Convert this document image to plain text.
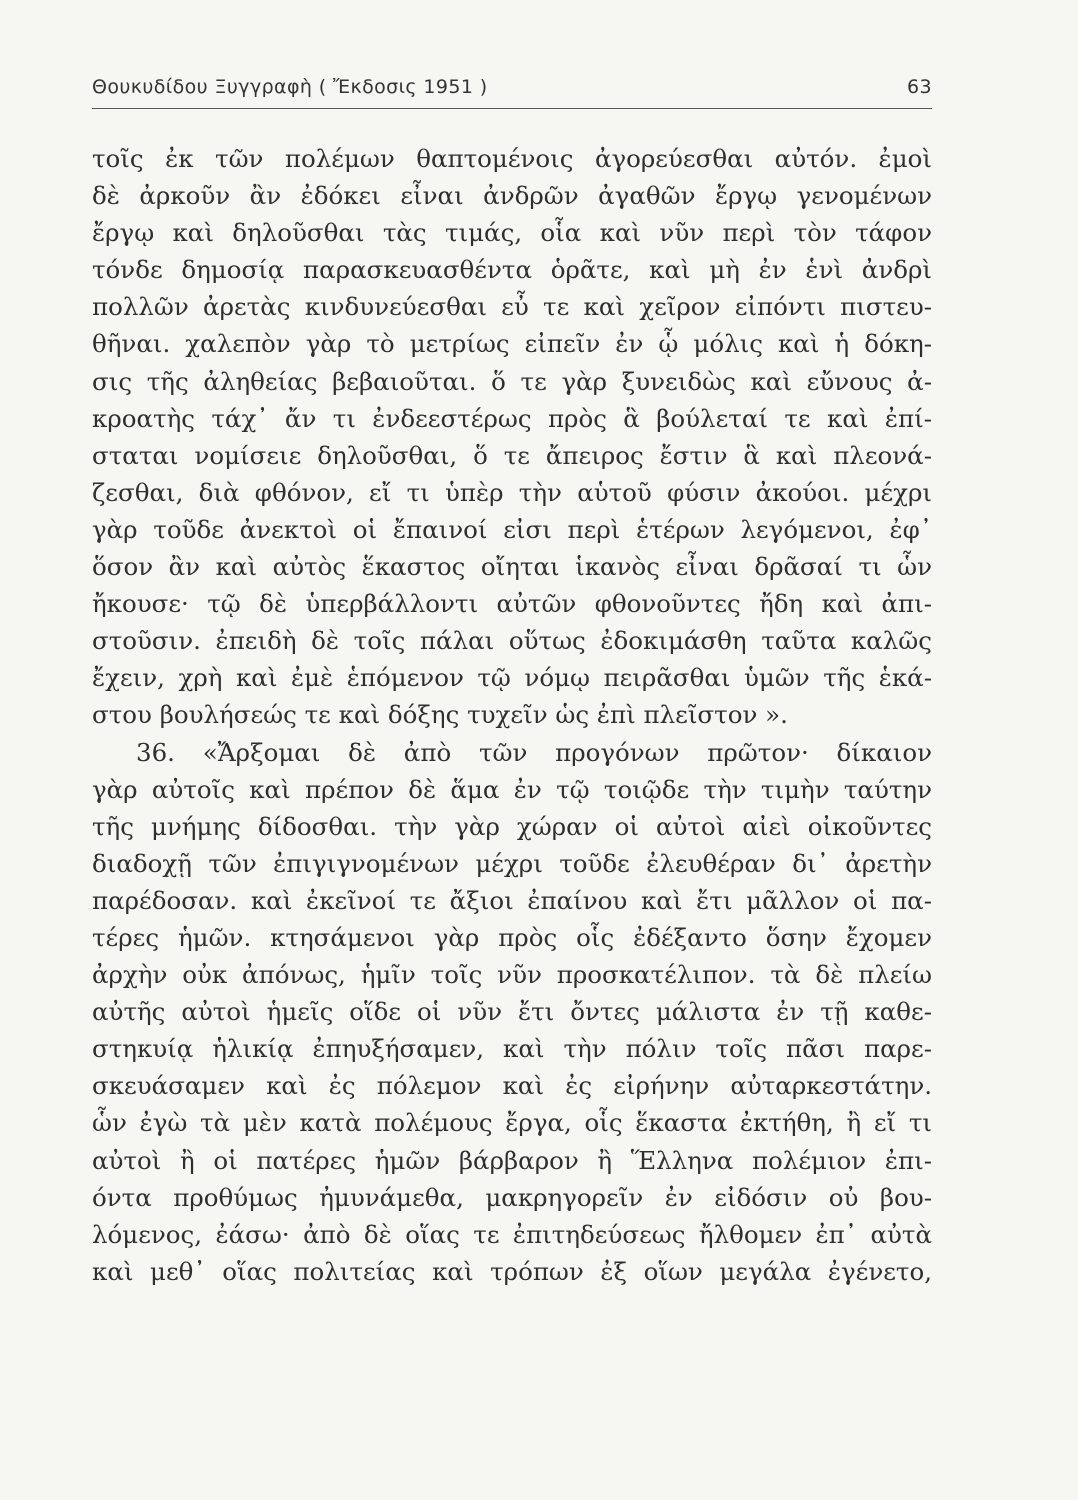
Θουκυδίδου Ξυγγραφὴ ( Ἔκδοσις 1951 )	63
τοῖς ἐκ τῶν πολέμων θαπτομένοις ἀγορεύεσθαι αὐτόν. ἐμοὶ
δὲ ἀρκοῦν ἂν ἐδόκει εἶναι ἀνδρῶν ἀγαθῶν ἔργῳ γενομένων
ἔργῳ καὶ δηλοῦσθαι τὰς τιμάς, οἷα καὶ νῦν περὶ τὸν τάφον
τόνδε δημοσίᾳ παρασκευασθέντα ὁρᾶτε, καὶ μὴ ἐν ἑνὶ ἀνδρὶ
πολλῶν ἀρετὰς κινδυνεύεσθαι εὖ τε καὶ χεῖρον εἰπόντι πιστευ-
θῆναι. χαλεπὸν γὰρ τὸ μετρίως εἰπεῖν ἐν ᾧ μόλις καὶ ἡ δόκη-
σις τῆς ἀληθείας βεβαιοῦται. ὅ τε γὰρ ξυνειδὼς καὶ εὔνους ἀ-
κροατὴς τάχ᾽ ἄν τι ἐνδεεστέρως πρὸς ἃ βούλεταί τε καὶ ἐπί-
σταται νομίσειε δηλοῦσθαι, ὅ τε ἄπειρος ἔστιν ἃ καὶ πλεονά-
ζεσθαι, διὰ φθόνον, εἴ τι ὑπὲρ τὴν αὑτοῦ φύσιν ἀκούοι. μέχρι
γὰρ τοῦδε ἀνεκτοὶ οἱ ἔπαινοί εἰσι περὶ ἑτέρων λεγόμενοι, ἐφ᾽
ὅσον ἂν καὶ αὐτὸς ἕκαστος οἴηται ἱκανὸς εἶναι δρᾶσαί τι ὧν
ἤκουσε· τῷ δὲ ὑπερβάλλοντι αὐτῶν φθονοῦντες ἤδη καὶ ἀπι-
στοῦσιν. ἐπειδὴ δὲ τοῖς πάλαι οὕτως ἐδοκιμάσθη ταῦτα καλῶς
ἔχειν, χρὴ καὶ ἐμὲ ἑπόμενον τῷ νόμῳ πειρᾶσθαι ὑμῶν τῆς ἑκά-
στου βουλήσεώς τε καὶ δόξης τυχεῖν ὡς ἐπὶ πλεῖστον ».
36. «Ἄρξομαι δὲ ἀπὸ τῶν προγόνων πρῶτον· δίκαιον
γὰρ αὐτοῖς καὶ πρέπον δὲ ἅμα ἐν τῷ τοιῷδε τὴν τιμὴν ταύτην
τῆς μνήμης δίδοσθαι. τὴν γὰρ χώραν οἱ αὐτοὶ αἰεὶ οἰκοῦντες
διαδοχῇ τῶν ἐπιγιγνομένων μέχρι τοῦδε ἐλευθέραν δι᾽ ἀρετὴν
παρέδοσαν. καὶ ἐκεῖνοί τε ἄξιοι ἐπαίνου καὶ ἔτι μᾶλλον οἱ πα-
τέρες ἡμῶν. κτησάμενοι γὰρ πρὸς οἷς ἐδέξαντο ὅσην ἔχομεν
ἀρχὴν οὐκ ἀπόνως, ἡμῖν τοῖς νῦν προσκατέλιπον. τὰ δὲ πλείω
αὐτῆς αὐτοὶ ἡμεῖς οἵδε οἱ νῦν ἔτι ὄντες μάλιστα ἐν τῇ καθε-
στηκυίᾳ ἡλικίᾳ ἐπηυξήσαμεν, καὶ τὴν πόλιν τοῖς πᾶσι παρε-
σκευάσαμεν καὶ ἐς πόλεμον καὶ ἐς εἰρήνην αὐταρκεστάτην.
ὧν ἐγὼ τὰ μὲν κατὰ πολέμους ἔργα, οἷς ἕκαστα ἐκτήθη, ἢ εἴ τι
αὐτοὶ ἢ οἱ πατέρες ἡμῶν βάρβαρον ἢ Ἕλληνα πολέμιον ἐπι-
όντα προθύμως ἠμυνάμεθα, μακρηγορεῖν ἐν εἰδόσιν οὐ βου-
λόμενος, ἐάσω· ἀπὸ δὲ οἵας τε ἐπιτηδεύσεως ἤλθομεν ἐπ᾽ αὐτὰ
καὶ μεθ᾽ οἵας πολιτείας καὶ τρόπων ἐξ οἵων μεγάλα ἐγένετο,
